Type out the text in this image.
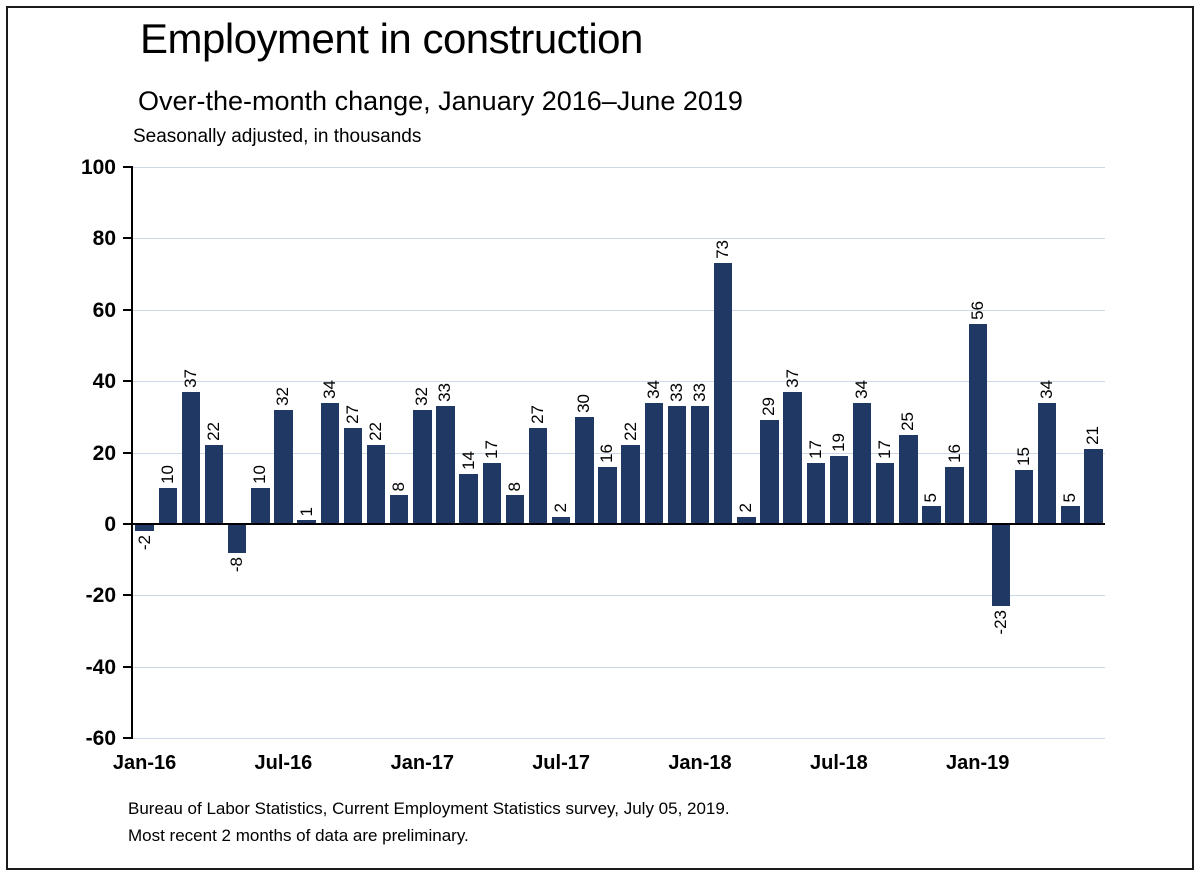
Employment in construction
Over-the-month change, January 2016–June 2019
Seasonally adjusted, in thousands
100
80
60
40
20
0
-20
-40
-60
-2
10
37
22
-8
10
32
1
34
27
22
8
32 33
14
17
8
27
2
30
16
22
34 33 33
73
2
29
37
17 19
34
17
25
5
16
56
-23
15
34
5
21
Jan-16	Jul-16	Jan-17	Jul-17	Jan-18	Jul-18	Jan-19
Bureau of Labor Statistics, Current Employment Statistics survey, July 05, 2019.
Most recent 2 months of data are preliminary.
